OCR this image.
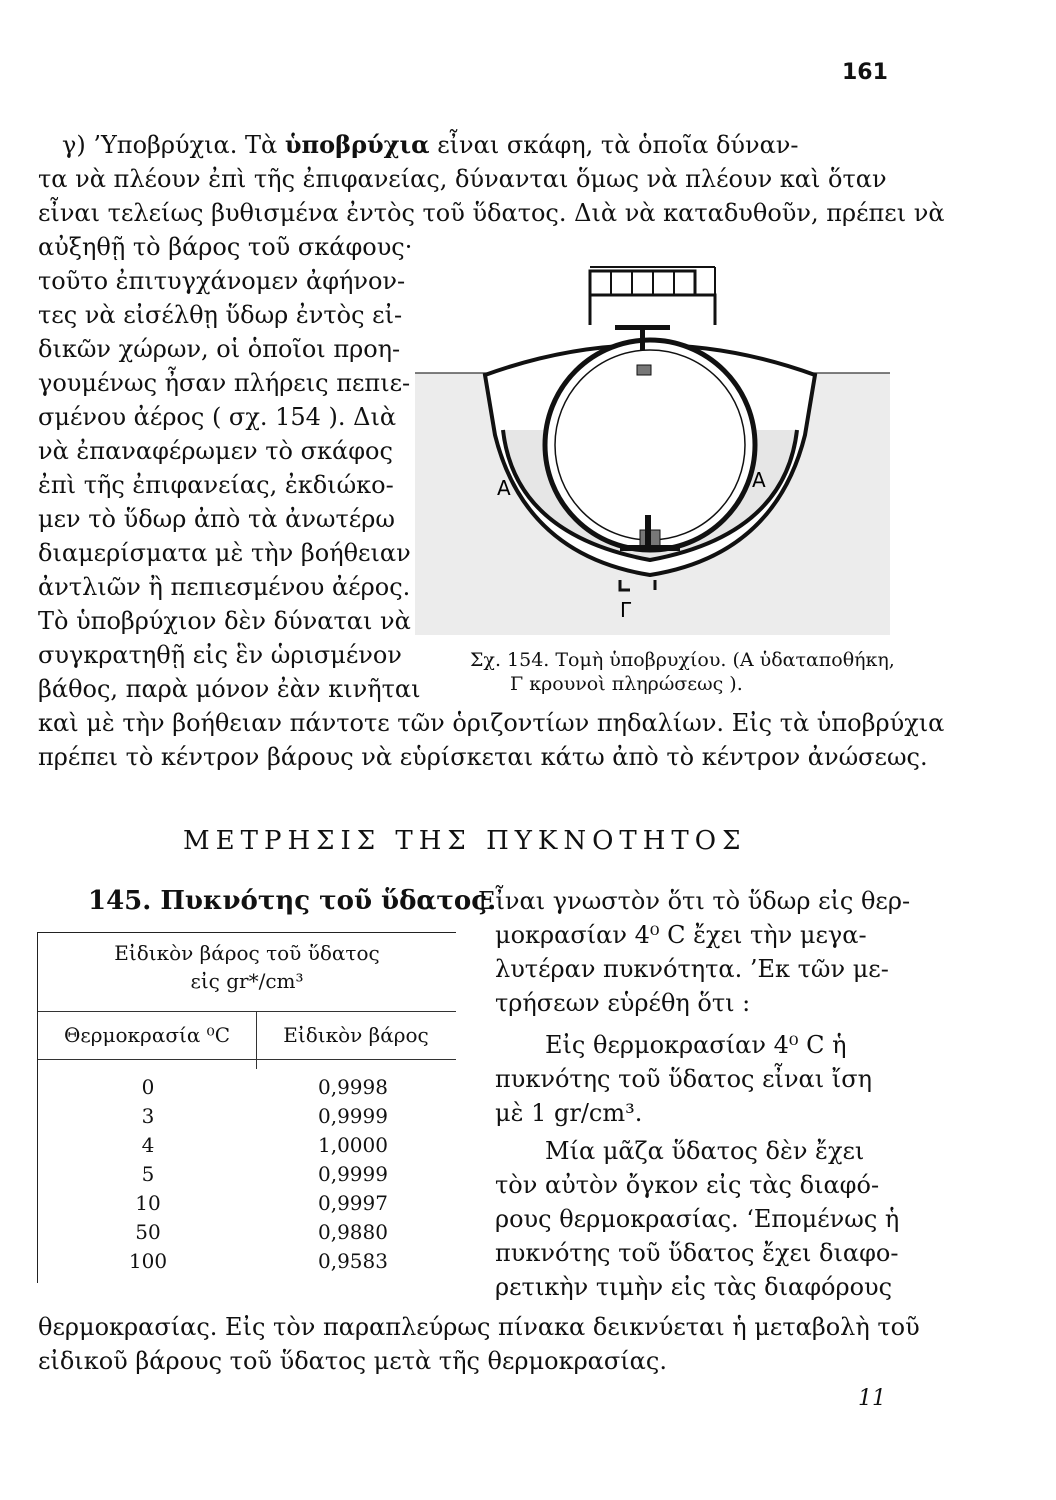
161
γ) ’Υποβρύχια. Τὰ ὑποβρύχια εἶναι σκάφη, τὰ ὁποῖα δύναν-
τα νὰ πλέουν ἐπὶ τῆς ἐπιφανείας, δύνανται ὅμως νὰ πλέουν καὶ ὅταν
εἶναι τελείως βυθισμένα ἐντὸς τοῦ ὕδατος. Διὰ νὰ καταδυθοῦν, πρέπει νὰ
αὐξηθῇ τὸ βάρος τοῦ σκάφους·
τοῦτο ἐπιτυγχάνομεν ἀφήνον-
τες νὰ εἰσέλθῃ ὕδωρ ἐντὸς εἰ-
δικῶν χώρων, οἱ ὁποῖοι προη-
γουμένως ἦσαν πλήρεις πεπιε-
σμένου ἀέρος ( σχ. 154 ). Διὰ
νὰ ἐπαναφέρωμεν τὸ σκάφος
ἐπὶ τῆς ἐπιφανείας, ἐκδιώκο-
μεν τὸ ὕδωρ ἀπὸ τὰ ἀνωτέρω
διαμερίσματα μὲ τὴν βοήθειαν
ἀντλιῶν ἢ πεπιεσμένου ἀέρος.
Τὸ ὑποβρύχιον δὲν δύναται νὰ
συγκρατηθῇ εἰς ἓν ὡρισμένον
βάθος, παρὰ μόνον ἐὰν κινῆται
καὶ μὲ τὴν βοήθειαν πάντοτε τῶν ὁριζοντίων πηδαλίων. Εἰς τὰ ὑποβρύχια
πρέπει τὸ κέντρον βάρους νὰ εὑρίσκεται κάτω ἀπὸ τὸ κέντρον ἀνώσεως.
A	A
Γ
Σχ. 154. Τομὴ ὑποβρυχίου. (Α ὑδαταποθήκη,
Γ κρουνοὶ πληρώσεως ).
ΜΕΤΡΗΣΙΣ ΤΗΣ ΠΥΚΝΟΤΗΤΟΣ
145. Πυκνότης τοῦ ὕδατος.
Εἶναι γνωστὸν ὅτι τὸ ὕδωρ εἰς θερ-
μοκρασίαν 4⁰ C ἔχει τὴν μεγα-
λυτέραν πυκνότητα. ’Εκ τῶν με-
τρήσεων εὑρέθη ὅτι :
Εἰς θερμοκρασίαν 4⁰ C ἡ
πυκνότης τοῦ ὕδατος εἶναι ἴση
μὲ 1 gr/cm³.
Μία μᾶζα ὕδατος δὲν ἔχει
τὸν αὐτὸν ὄγκον εἰς τὰς διαφό-
ρους θερμοκρασίας. ‘Επομένως ἡ
πυκνότης τοῦ ὕδατος ἔχει διαφο-
ρετικὴν τιμὴν εἰς τὰς διαφόρους
θερμοκρασίας. Εἰς τὸν παραπλεύρως πίνακα δεικνύεται ἡ μεταβολὴ τοῦ
εἰδικοῦ βάρους τοῦ ὕδατος μετὰ τῆς θερμοκρασίας.
Εἰδικὸν βάρος τοῦ ὕδατος
εἰς gr*/cm³
Θερμοκρασία ⁰C	Εἰδικὸν βάρος
0	0,9998
3	0,9999
4	1,0000
5	0,9999
10	0,9997
50	0,9880
100	0,9583
11
